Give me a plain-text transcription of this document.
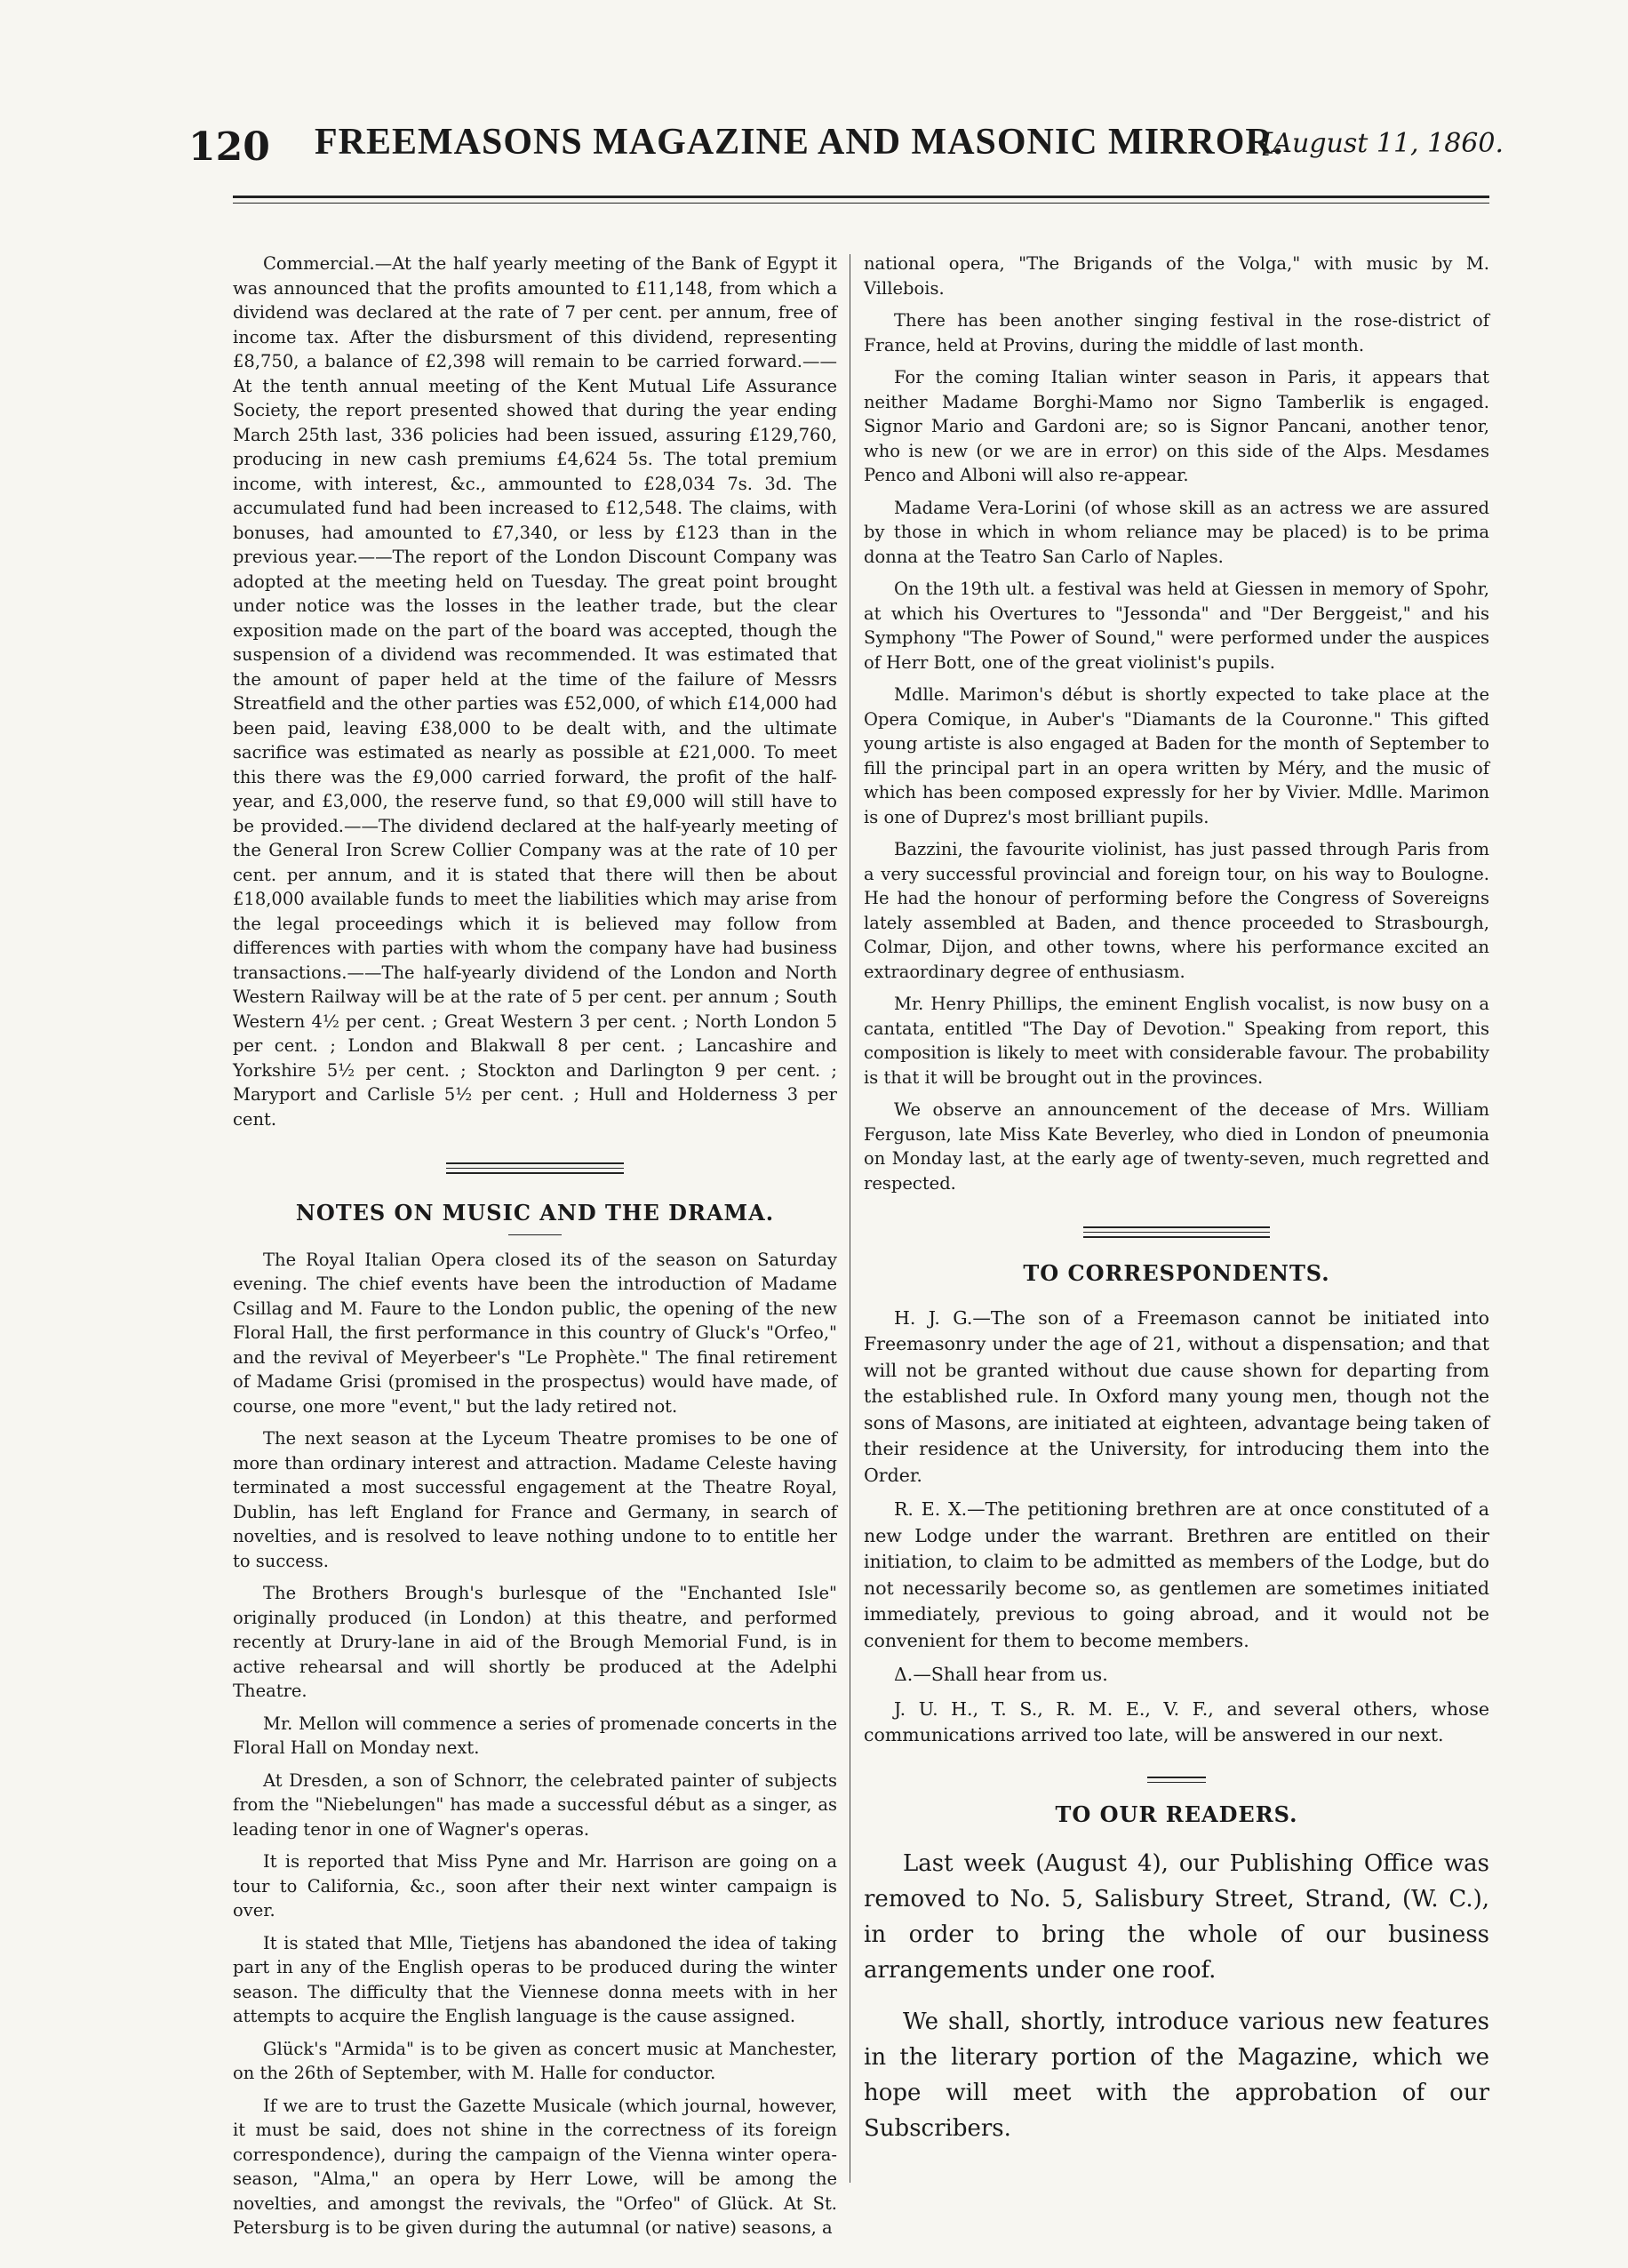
120 FREEMASONS MAGAZINE AND MASONIC MIRROR.
[August 11, 1860.

Commercial.—At the half yearly meeting of the Bank of Egypt it was announced that the profits amounted to £11,148, from which a dividend was declared at the rate of 7 per cent. per annum, free of income tax. After the disbursment of this dividend, representing £8,750, a balance of £2,398 will remain to be carried forward.—— At the tenth annual meeting of the Kent Mutual Life Assurance Society, the report presented showed that during the year ending March 25th last, 336 policies had been issued, assuring £129,760, producing in new cash premiums £4,624 5s. The total premium income, with interest, &c., ammounted to £28,034 7s. 3d. The accumulated fund had been increased to £12,548. The claims, with bonuses, had amounted to £7,340, or less by £123 than in the previous year.——The report of the London Discount Company was adopted at the meeting held on Tuesday. The great point brought under notice was the losses in the leather trade, but the clear exposition made on the part of the board was accepted, though the suspension of a dividend was recommended. It was estimated that the amount of paper held at the time of the failure of Messrs Streatfield and the other parties was £52,000, of which £14,000 had been paid, leaving £38,000 to be dealt with, and the ultimate sacrifice was estimated as nearly as possible at £21,000. To meet this there was the £9,000 carried forward, the profit of the half-year, and £3,000, the reserve fund, so that £9,000 will still have to be provided.——The dividend declared at the half-yearly meeting of the General Iron Screw Collier Company was at the rate of 10 per cent. per annum, and it is stated that there will then be about £18,000 available funds to meet the liabilities which may arise from the legal proceedings which it is believed may follow from differences with parties with whom the company have had business transactions.——The half-yearly dividend of the London and North Western Railway will be at the rate of 5 per cent. per annum ; South Western 4½ per cent. ; Great Western 3 per cent. ; North London 5 per cent. ; London and Blakwall 8 per cent. ; Lancashire and Yorkshire 5½ per cent. ; Stockton and Darlington 9 per cent. ; Maryport and Carlisle 5½ per cent. ; Hull and Holderness 3 per cent.

NOTES ON MUSIC AND THE DRAMA.

The Royal Italian Opera closed its of the season on Saturday evening. The chief events have been the introduction of Madame Csillag and M. Faure to the London public, the opening of the new Floral Hall, the first performance in this country of Gluck's "Orfeo," and the revival of Meyerbeer's "Le Prophète." The final retirement of Madame Grisi (promised in the prospectus) would have made, of course, one more "event," but the lady retired not.

The next season at the Lyceum Theatre promises to be one of more than ordinary interest and attraction. Madame Celeste having terminated a most successful engagement at the Theatre Royal, Dublin, has left England for France and Germany, in search of novelties, and is resolved to leave nothing undone to to entitle her to success.

The Brothers Brough's burlesque of the "Enchanted Isle" originally produced (in London) at this theatre, and performed recently at Drury-lane in aid of the Brough Memorial Fund, is in active rehearsal and will shortly be produced at the Adelphi Theatre.

Mr. Mellon will commence a series of promenade concerts in the Floral Hall on Monday next.

At Dresden, a son of Schnorr, the celebrated painter of subjects from the "Niebelungen" has made a successful début as a singer, as leading tenor in one of Wagner's operas.

It is reported that Miss Pyne and Mr. Harrison are going on a tour to California, &c., soon after their next winter campaign is over.

It is stated that Mlle, Tietjens has abandoned the idea of taking part in any of the English operas to be produced during the winter season. The difficulty that the Viennese donna meets with in her attempts to acquire the English language is the cause assigned.

Glück's "Armida" is to be given as concert music at Manchester, on the 26th of September, with M. Halle for conductor.

If we are to trust the Gazette Musicale (which journal, however, it must be said, does not shine in the correctness of its foreign correspondence), during the campaign of the Vienna winter opera-season, "Alma," an opera by Herr Lowe, will be among the novelties, and amongst the revivals, the "Orfeo" of Glück. At St. Petersburg is to be given during the autumnal (or native) seasons, a

national opera, "The Brigands of the Volga," with music by M. Villebois.

There has been another singing festival in the rose-district of France, held at Provins, during the middle of last month.

For the coming Italian winter season in Paris, it appears that neither Madame Borghi-Mamo nor Signo Tamberlik is engaged. Signor Mario and Gardoni are; so is Signor Pancani, another tenor, who is new (or we are in error) on this side of the Alps. Mesdames Penco and Alboni will also re-appear.

Madame Vera-Lorini (of whose skill as an actress we are assured by those in which in whom reliance may be placed) is to be prima donna at the Teatro San Carlo of Naples.

On the 19th ult. a festival was held at Giessen in memory of Spohr, at which his Overtures to "Jessonda" and "Der Berggeist," and his Symphony "The Power of Sound," were performed under the auspices of Herr Bott, one of the great violinist's pupils.

Mdlle. Marimon's début is shortly expected to take place at the Opera Comique, in Auber's "Diamants de la Couronne." This gifted young artiste is also engaged at Baden for the month of September to fill the principal part in an opera written by Méry, and the music of which has been composed expressly for her by Vivier. Mdlle. Marimon is one of Duprez's most brilliant pupils.

Bazzini, the favourite violinist, has just passed through Paris from a very successful provincial and foreign tour, on his way to Boulogne. He had the honour of performing before the Congress of Sovereigns lately assembled at Baden, and thence proceeded to Strasbourgh, Colmar, Dijon, and other towns, where his performance excited an extraordinary degree of enthusiasm.

Mr. Henry Phillips, the eminent English vocalist, is now busy on a cantata, entitled "The Day of Devotion." Speaking from report, this composition is likely to meet with considerable favour. The probability is that it will be brought out in the provinces.

We observe an announcement of the decease of Mrs. William Ferguson, late Miss Kate Beverley, who died in London of pneumonia on Monday last, at the early age of twenty-seven, much regretted and respected.

TO CORRESPONDENTS.

H. J. G.—The son of a Freemason cannot be initiated into Freemasonry under the age of 21, without a dispensation; and that will not be granted without due cause shown for departing from the established rule. In Oxford many young men, though not the sons of Masons, are initiated at eighteen, advantage being taken of their residence at the University, for introducing them into the Order.

R. E. X.—The petitioning brethren are at once constituted of a new Lodge under the warrant. Brethren are entitled on their initiation, to claim to be admitted as members of the Lodge, but do not necessarily become so, as gentlemen are sometimes initiated immediately, previous to going abroad, and it would not be convenient for them to become members.

Δ.—Shall hear from us.

J. U. H., T. S., R. M. E., V. F., and several others, whose communications arrived too late, will be answered in our next.

TO OUR READERS.

Last week (August 4), our Publishing Office was removed to No. 5, Salisbury Street, Strand, (W. C.), in order to bring the whole of our business arrangements under one roof.

We shall, shortly, introduce various new features in the literary portion of the Magazine, which we hope will meet with the approbation of our Subscribers.
